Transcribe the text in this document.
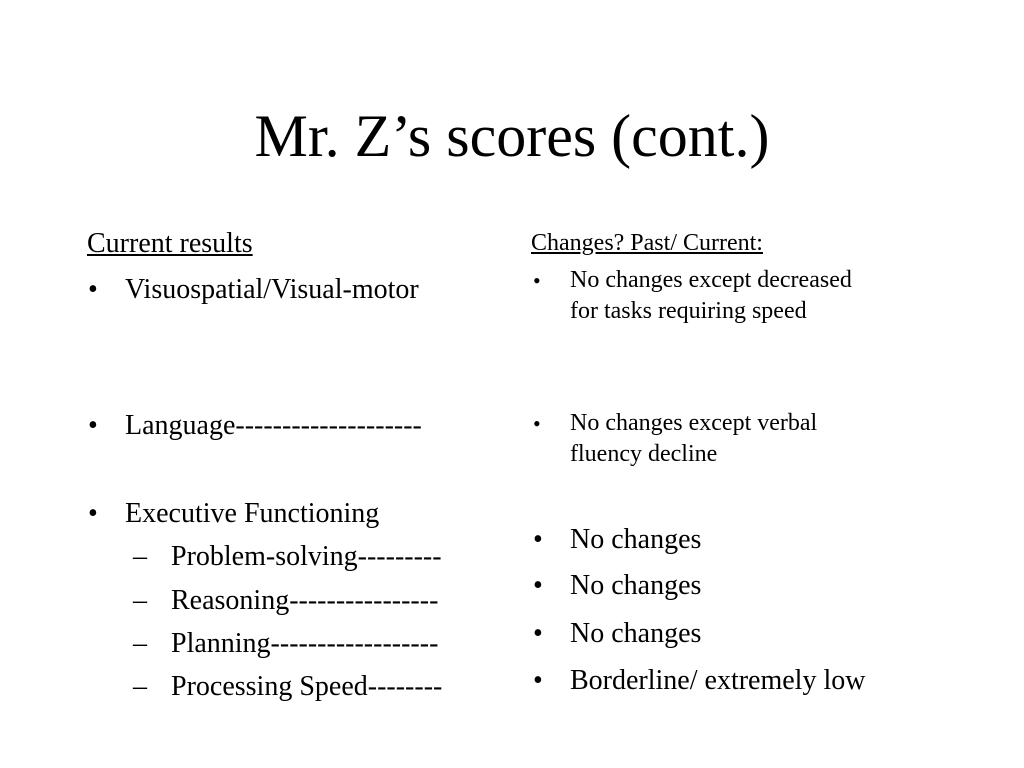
Mr. Z’s scores (cont.)
Current results
• Visuospatial/Visual-motor
• Language--------------------
• Executive Functioning
– Problem-solving---------
– Reasoning----------------
– Planning------------------
– Processing Speed--------
Changes? Past/ Current:
• No changes except decreased
for tasks requiring speed
• No changes except verbal
fluency decline
• No changes
• No changes
• No changes
• Borderline/ extremely low
